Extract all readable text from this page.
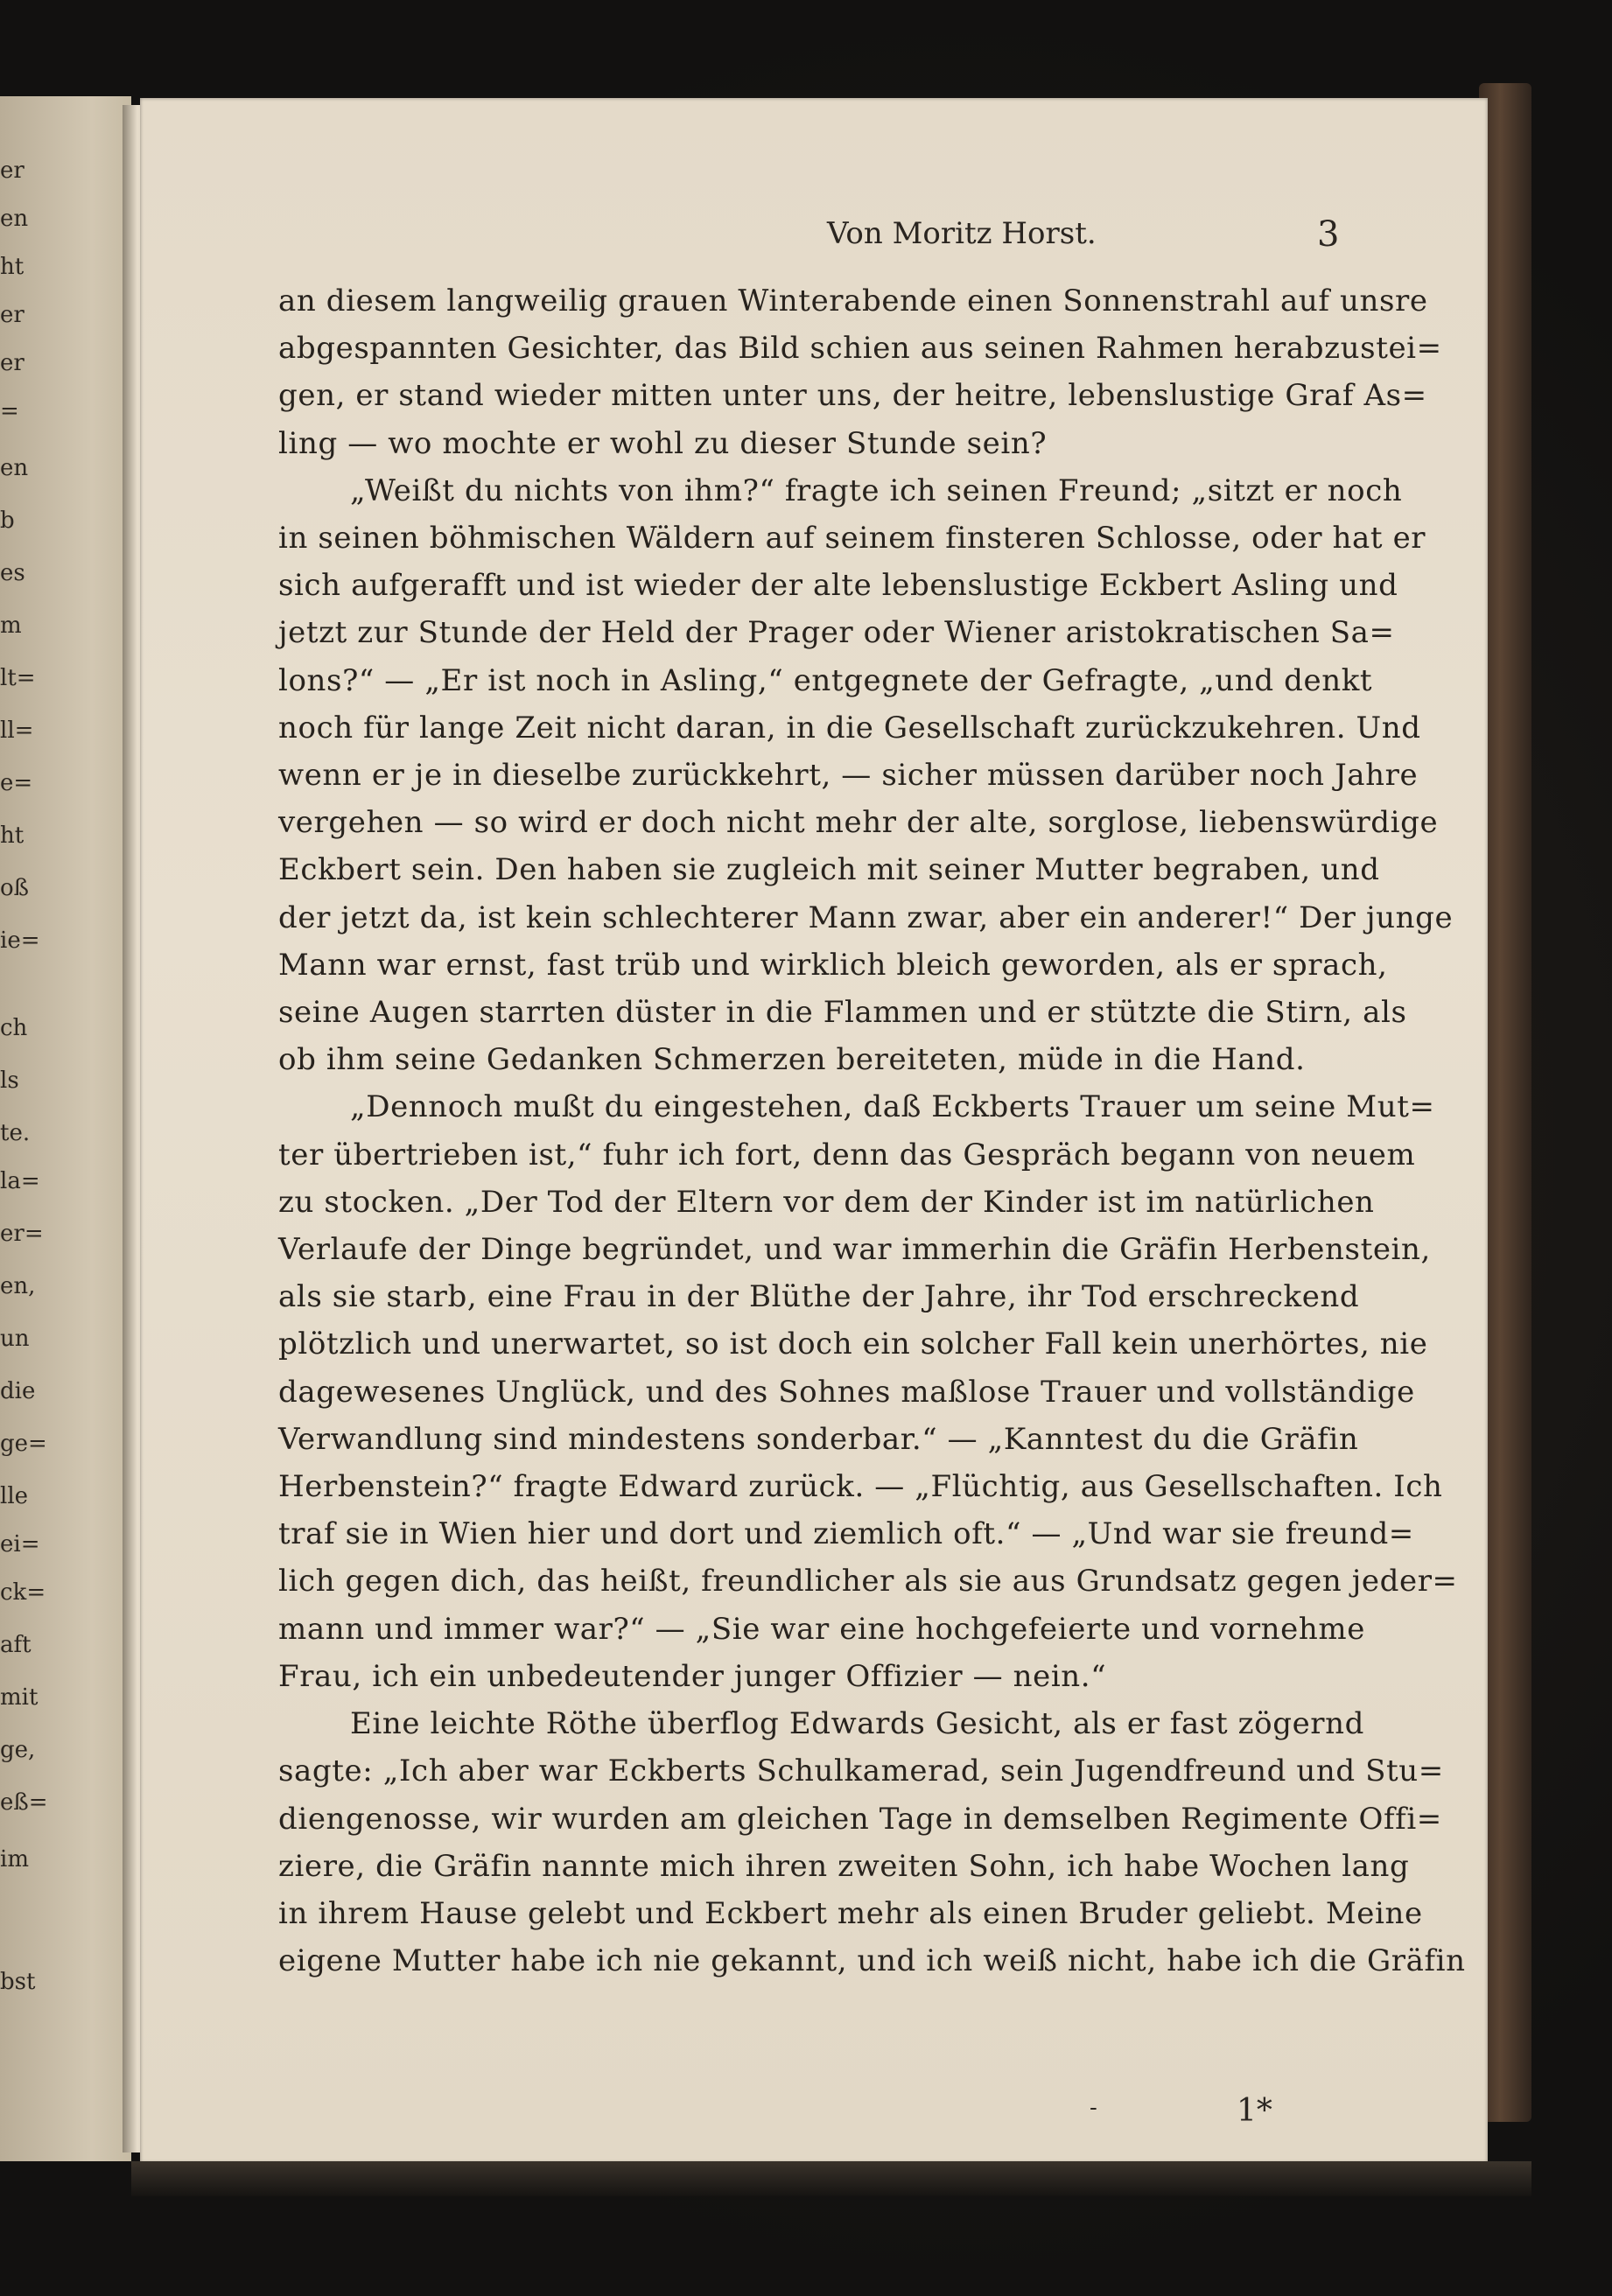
er
en
ht
er
er
=
en
b
es
m
lt=
ll=
e=
ht
oß
ie=
ch
ls
te.
la=
er=
en,
un
die
ge=
lle
ei=
ck=
aft
mit
ge,
eß=
im
bst
Von Moritz Horst.	3
an diesem langweilig grauen Winterabende einen Sonnenstrahl auf unsre
abgespannten Gesichter, das Bild schien aus seinen Rahmen herabzustei=
gen, er stand wieder mitten unter uns, der heitre, lebenslustige Graf As=
ling — wo mochte er wohl zu dieser Stunde sein?
„Weißt du nichts von ihm?“ fragte ich seinen Freund; „sitzt er noch
in seinen böhmischen Wäldern auf seinem finsteren Schlosse, oder hat er
sich aufgerafft und ist wieder der alte lebenslustige Eckbert Asling und
jetzt zur Stunde der Held der Prager oder Wiener aristokratischen Sa=
lons?“ — „Er ist noch in Asling,“ entgegnete der Gefragte, „und denkt
noch für lange Zeit nicht daran, in die Gesellschaft zurückzukehren. Und
wenn er je in dieselbe zurückkehrt, — sicher müssen darüber noch Jahre
vergehen — so wird er doch nicht mehr der alte, sorglose, liebenswürdige
Eckbert sein. Den haben sie zugleich mit seiner Mutter begraben, und
der jetzt da, ist kein schlechterer Mann zwar, aber ein anderer!“ Der junge
Mann war ernst, fast trüb und wirklich bleich geworden, als er sprach,
seine Augen starrten düster in die Flammen und er stützte die Stirn, als
ob ihm seine Gedanken Schmerzen bereiteten, müde in die Hand.
„Dennoch mußt du eingestehen, daß Eckberts Trauer um seine Mut=
ter übertrieben ist,“ fuhr ich fort, denn das Gespräch begann von neuem
zu stocken. „Der Tod der Eltern vor dem der Kinder ist im natürlichen
Verlaufe der Dinge begründet, und war immerhin die Gräfin Herbenstein,
als sie starb, eine Frau in der Blüthe der Jahre, ihr Tod erschreckend
plötzlich und unerwartet, so ist doch ein solcher Fall kein unerhörtes, nie
dagewesenes Unglück, und des Sohnes maßlose Trauer und vollständige
Verwandlung sind mindestens sonderbar.“ — „Kanntest du die Gräfin
Herbenstein?“ fragte Edward zurück. — „Flüchtig, aus Gesellschaften. Ich
traf sie in Wien hier und dort und ziemlich oft.“ — „Und war sie freund=
lich gegen dich, das heißt, freundlicher als sie aus Grundsatz gegen jeder=
mann und immer war?“ — „Sie war eine hochgefeierte und vornehme
Frau, ich ein unbedeutender junger Offizier — nein.“
Eine leichte Röthe überflog Edwards Gesicht, als er fast zögernd
sagte: „Ich aber war Eckberts Schulkamerad, sein Jugendfreund und Stu=
diengenosse, wir wurden am gleichen Tage in demselben Regimente Offi=
ziere, die Gräfin nannte mich ihren zweiten Sohn, ich habe Wochen lang
in ihrem Hause gelebt und Eckbert mehr als einen Bruder geliebt. Meine
eigene Mutter habe ich nie gekannt, und ich weiß nicht, habe ich die Gräfin
-	1*
